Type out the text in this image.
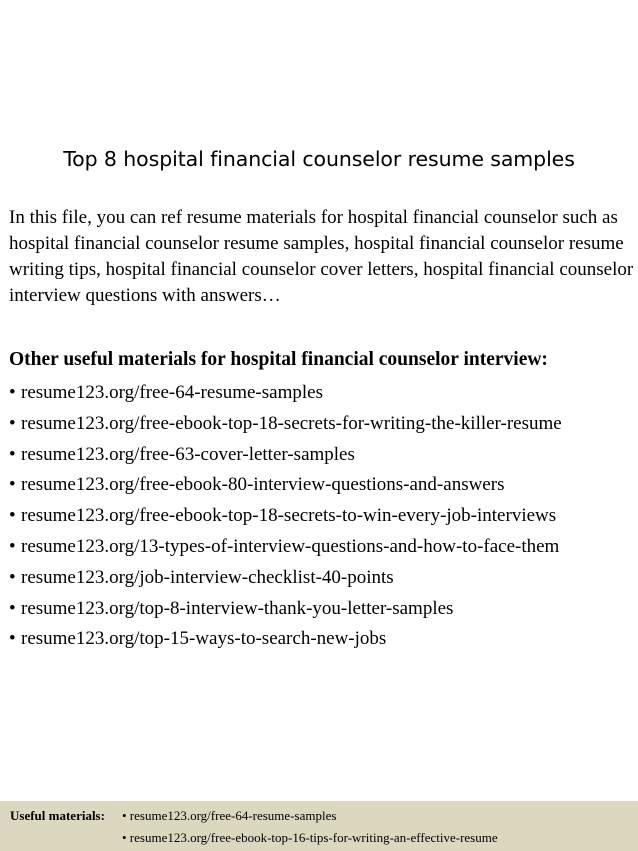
Top 8 hospital financial counselor resume samples

In this file, you can ref resume materials for hospital financial counselor such as hospital financial counselor resume samples, hospital financial counselor resume writing tips, hospital financial counselor cover letters, hospital financial counselor interview questions with answers…

Other useful materials for hospital financial counselor interview:
• resume123.org/free-64-resume-samples
• resume123.org/free-ebook-top-18-secrets-for-writing-the-killer-resume
• resume123.org/free-63-cover-letter-samples
• resume123.org/free-ebook-80-interview-questions-and-answers
• resume123.org/free-ebook-top-18-secrets-to-win-every-job-interviews
• resume123.org/13-types-of-interview-questions-and-how-to-face-them
• resume123.org/job-interview-checklist-40-points
• resume123.org/top-8-interview-thank-you-letter-samples
• resume123.org/top-15-ways-to-search-new-jobs
Useful materials: • resume123.org/free-64-resume-samples
• resume123.org/free-ebook-top-16-tips-for-writing-an-effective-resume
